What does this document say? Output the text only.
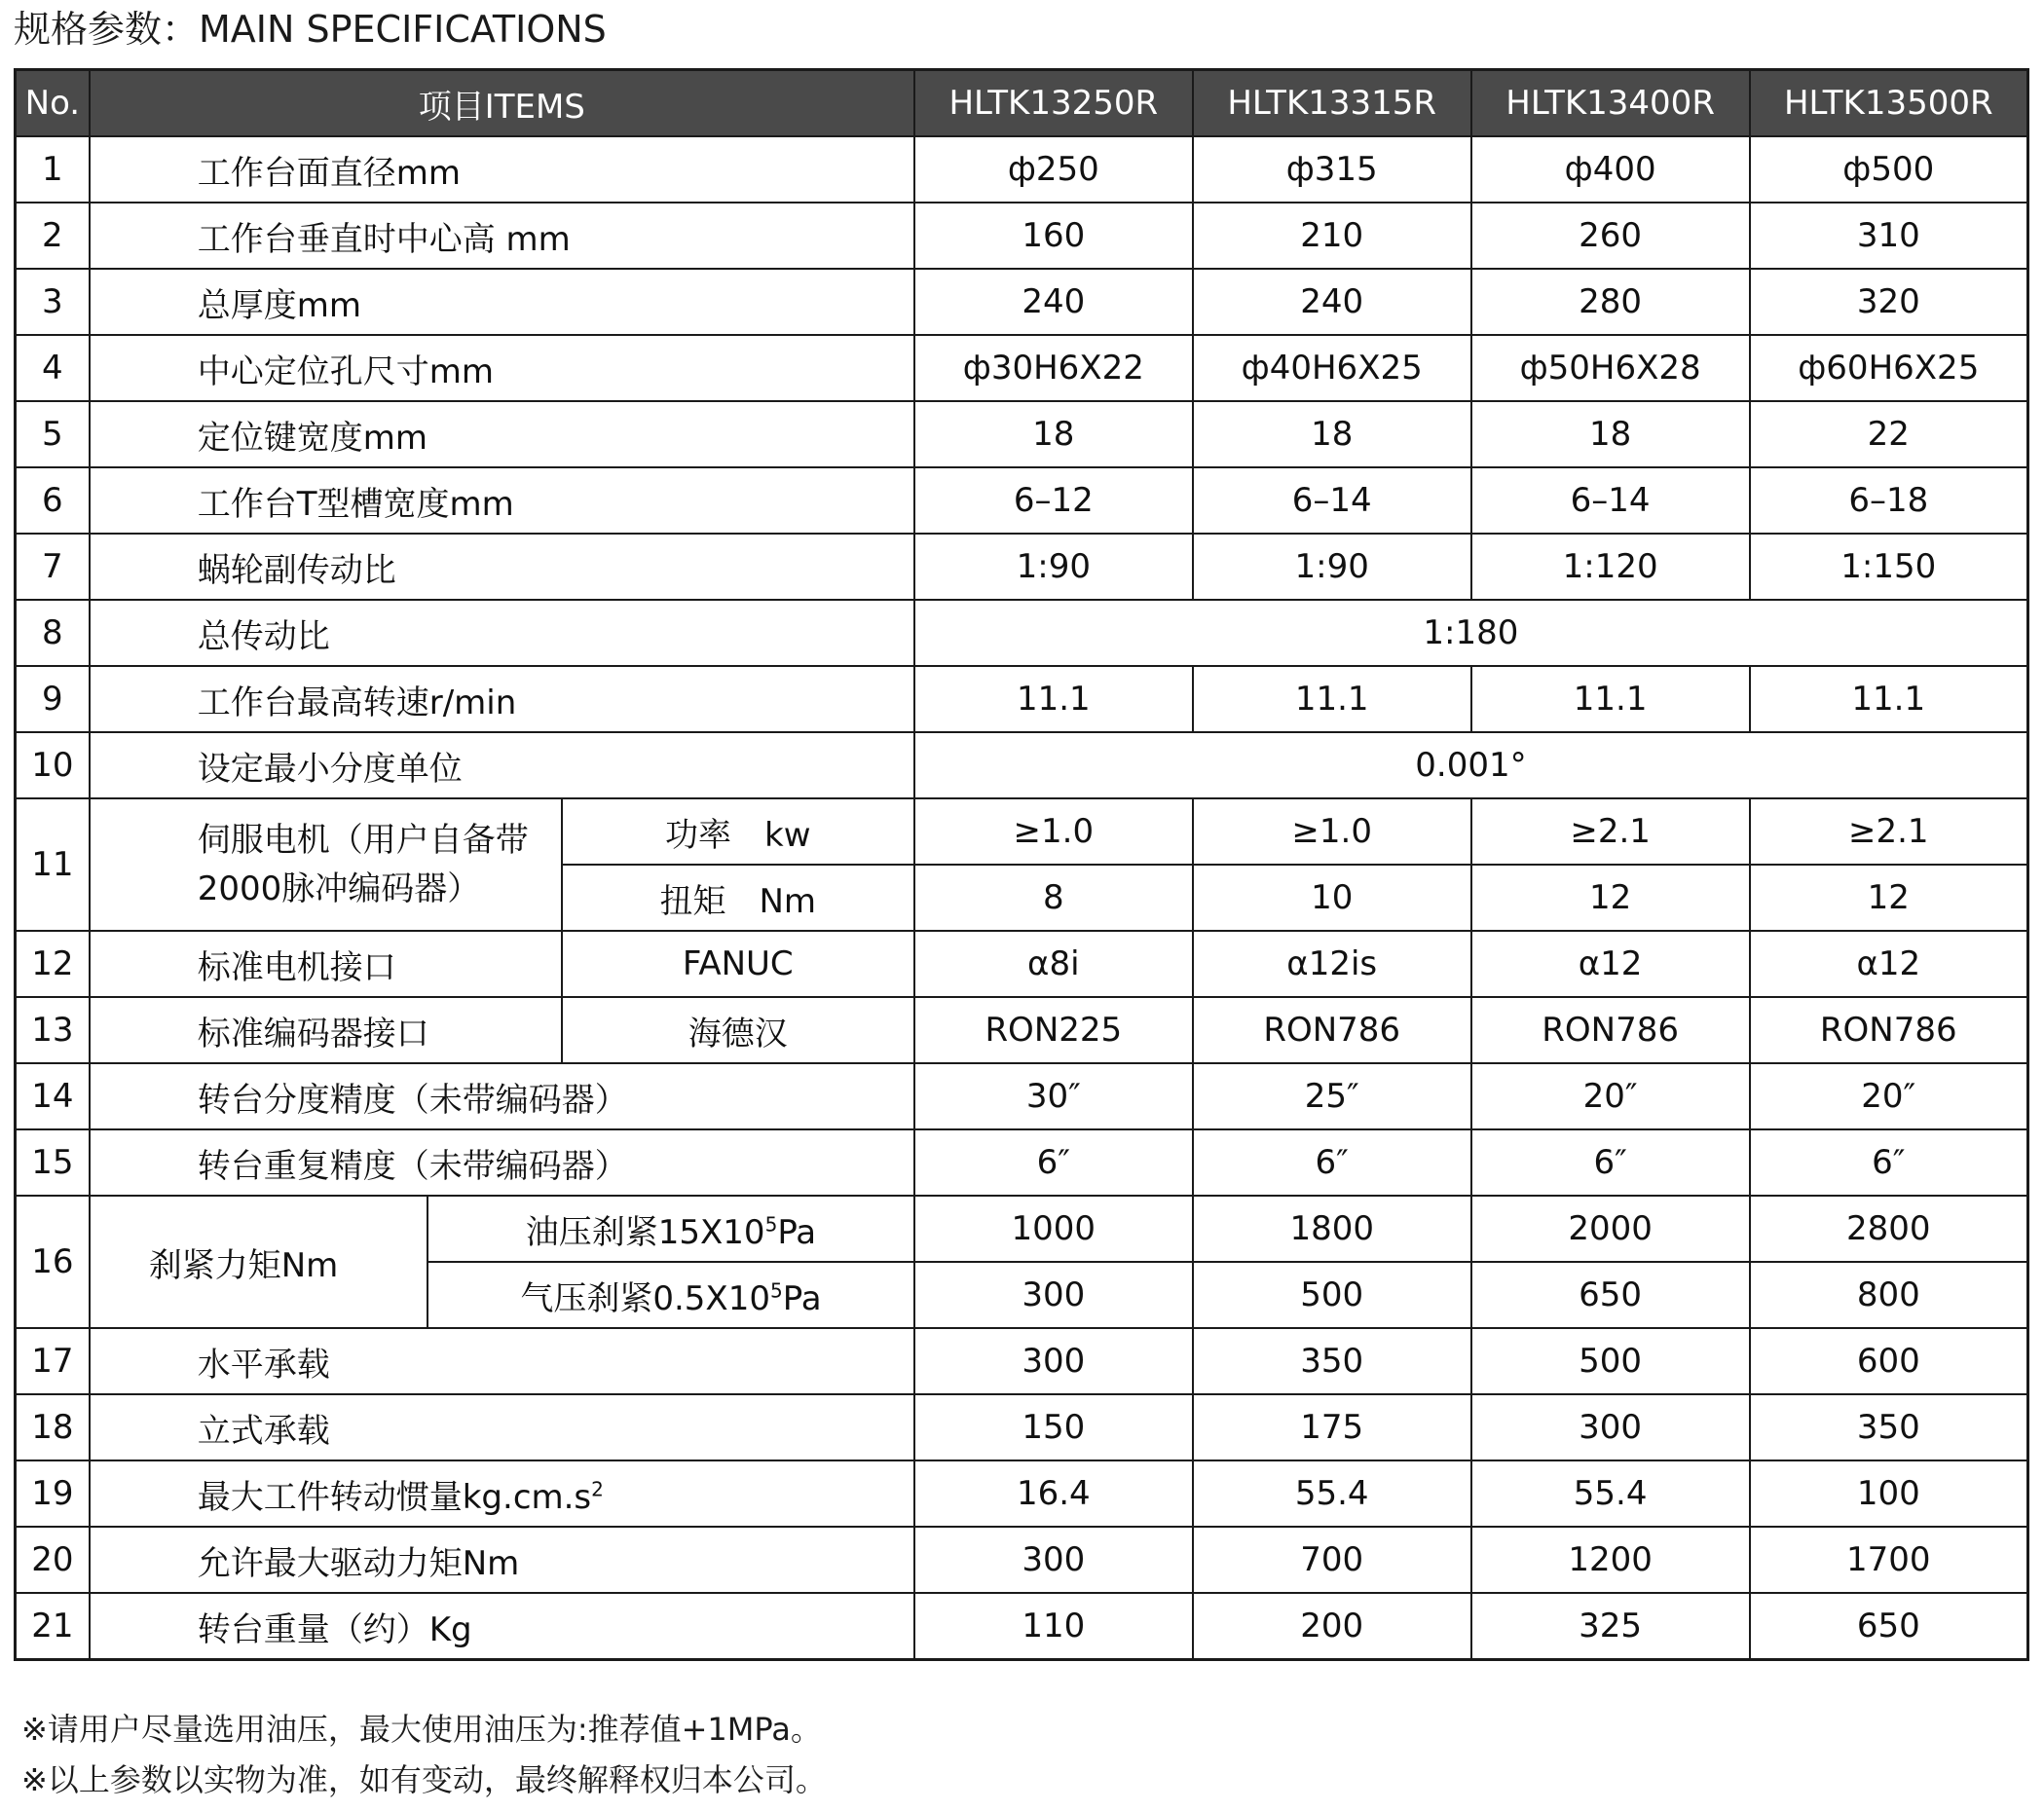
规格参数：MAIN SPECIFICATIONS
No.	项目ITEMS			HLTK13250R	HLTK13315R	HLTK13400R	HLTK13500R
1	工作台面直径mm			ф250	ф315	ф400	ф500
2	工作台垂直时中心高 mm			160	210	260	310
3	总厚度mm			240	240	280	320
4	中心定位孔尺寸mm			ф30H6X22	ф40H6X25	ф50H6X28	ф60H6X25
5	定位键宽度mm			18	18	18	22
6	工作台T型槽宽度mm			6–12	6–14	6–14	6–18
7	蜗轮副传动比			1:90	1:90	1:120	1:150
8	总传动比			1:180			
9	工作台最高转速r/min			11.1	11.1	11.1	11.1
10	设定最小分度单位			0.001°			
11	伺服电机（用户自备带2000脉冲编码器）		功率　kw	≥1.0	≥1.0	≥2.1	≥2.1
			扭矩　Nm	8	10	12	12
12	标准电机接口		FANUC	α8i	α12is	α12	α12
13	标准编码器接口		海德汉	RON225	RON786	RON786	RON786
14	转台分度精度（未带编码器）			30″	25″	20″	20″
15	转台重复精度（未带编码器）			6″	6″	6″	6″
16	刹紧力矩Nm	油压刹紧$15X10^5Pa$		1000	1800	2000	2800
		气压刹紧$0.5X10^5Pa$		300	500	650	800
17	水平承载			300	350	500	600
18	立式承载			150	175	300	350
19	最大工件转动惯量$kg.cm.s^2$			16.4	55.4	55.4	100
20	允许最大驱动力矩Nm			300	700	1200	1700
21	转台重量（约）Kg			110	200	325	650
※请用户尽量选用油压，最大使用油压为:推荐值+1MPa。
※以上参数以实物为准，如有变动，最终解释权归本公司。
